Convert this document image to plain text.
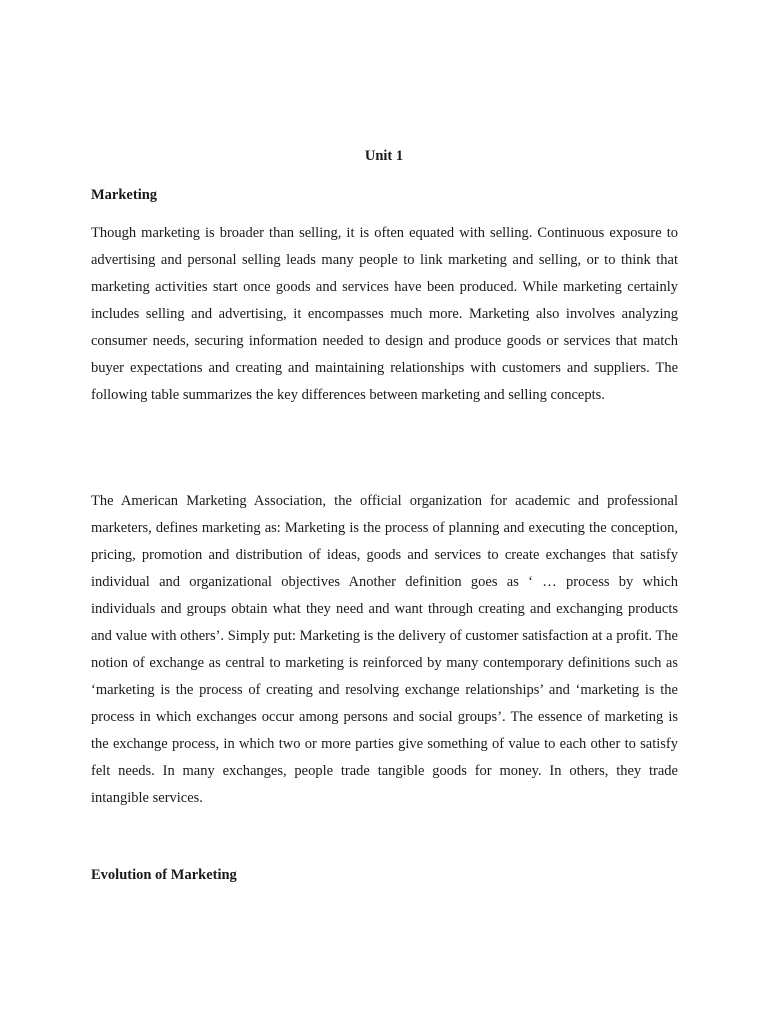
Unit 1
Marketing

Though marketing is broader than selling, it is often equated with selling. Continuous exposure to advertising and personal selling leads many people to link marketing and selling, or to think that marketing activities start once goods and services have been produced. While marketing certainly includes selling and advertising, it encompasses much more. Marketing also involves analyzing consumer needs, securing information needed to design and produce goods or services that match buyer expectations and creating and maintaining relationships with customers and suppliers. The following table summarizes the key differences between marketing and selling concepts.

The American Marketing Association, the official organization for academic and professional marketers, defines marketing as: Marketing is the process of planning and executing the conception, pricing, promotion and distribution of ideas, goods and services to create exchanges that satisfy individual and organizational objectives Another definition goes as ‘ … process by which individuals and groups obtain what they need and want through creating and exchanging products and value with others’. Simply put: Marketing is the delivery of customer satisfaction at a profit. The notion of exchange as central to marketing is reinforced by many contemporary definitions such as ‘marketing is the process of creating and resolving exchange relationships’ and ‘marketing is the process in which exchanges occur among persons and social groups’. The essence of marketing is the exchange process, in which two or more parties give something of value to each other to satisfy felt needs. In many exchanges, people trade tangible goods for money. In others, they trade intangible services.

Evolution of Marketing
